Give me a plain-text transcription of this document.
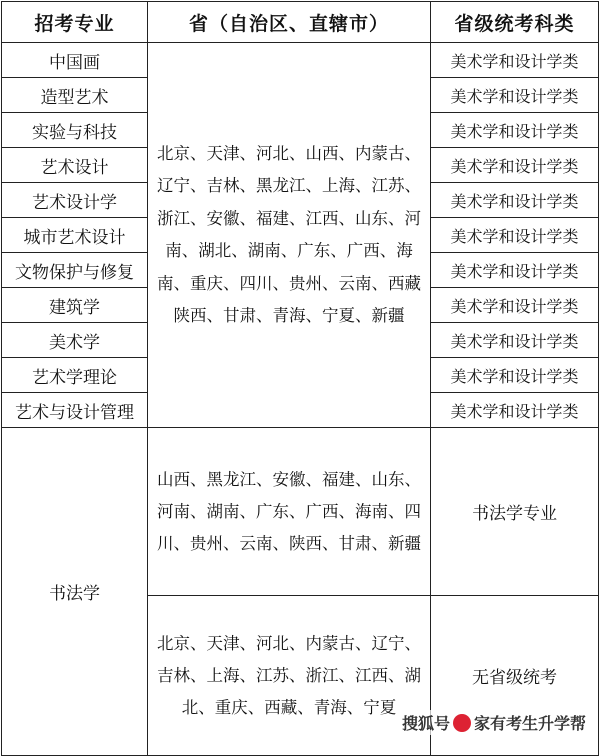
招考专业	省（自治区、直辖市）	省级统考科类
中国画	北京、天津、河北、山西、内蒙古、辽宁、吉林、黑龙江、上海、江苏、浙江、安徽、福建、江西、山东、河南、湖北、湖南、广东、广西、海南、重庆、四川、贵州、云南、西藏 陕西、甘肃、青海、宁夏、新疆	美术学和设计学类
造型艺术		美术学和设计学类
实验与科技		美术学和设计学类
艺术设计		美术学和设计学类
艺术设计学		美术学和设计学类
城市艺术设计		美术学和设计学类
文物保护与修复		美术学和设计学类
建筑学		美术学和设计学类
美术学		美术学和设计学类
艺术学理论		美术学和设计学类
艺术与设计管理		美术学和设计学类
书法学	山西、黑龙江、安徽、福建、山东、河南、湖南、广东、广西、海南、四川、贵州、云南、陕西、甘肃、新疆	书法学专业
	北京、天津、河北、内蒙古、辽宁、吉林、上海、江苏、浙江、江西、湖北、重庆、西藏、青海、宁夏	无省级统考
搜狐号 家有考生升学帮
